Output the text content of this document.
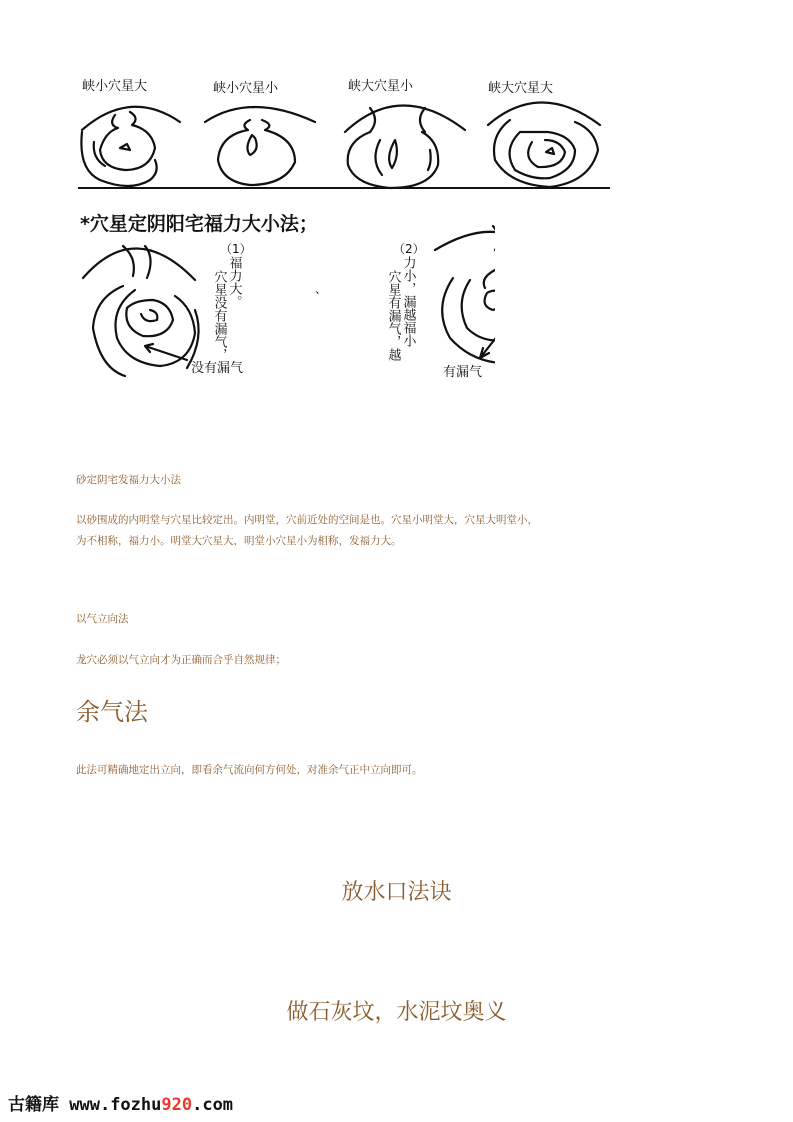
峡小穴星大	峡小穴星小	峡大穴星小	峡大穴星大
*穴星定阴阳宅福力大小法；
（1）
穴星没有漏气， 福力大。
没有漏气
、
（2）
穴星有漏气，越 力小，漏越福小
有漏气
砂定阴宅发福力大小法
以砂围成的内明堂与穴星比较定出。内明堂，穴前近处的空间是也。穴星小明堂大，穴星大明堂小，
为不相称，福力小。明堂大穴星大，明堂小穴星小为相称，发福力大。
以气立向法
龙穴必须以气立向才为正确而合乎自然规律；
余气法
此法可精确地定出立向，即看余气流向何方何处，对准余气正中立向即可。
放水口法诀
做石灰坟，水泥坟奥义
古籍库 www.fozhu920.com
